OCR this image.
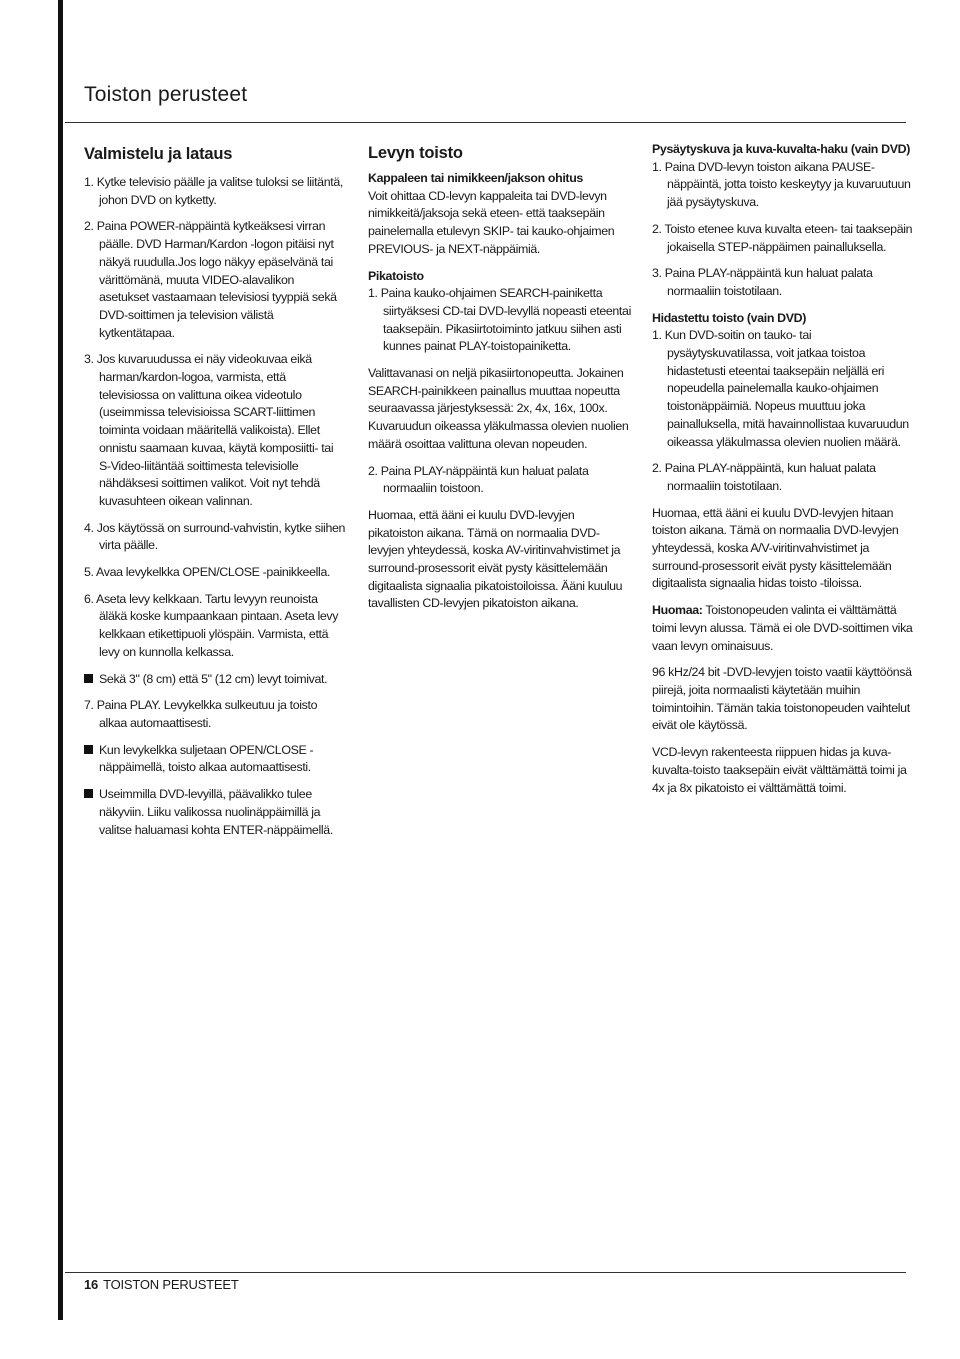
Toiston perusteet
Valmistelu ja lataus
1. Kytke televisio päälle ja valitse tuloksi se liitäntä, johon DVD on kytketty.
2. Paina POWER-näppäintä kytkeäksesi virran päälle. DVD Harman/Kardon -logon pitäisi nyt näkyä ruudulla.Jos logo näkyy epäselvänä tai värittömänä, muuta VIDEO-alavalikon asetukset vastaamaan televisiosi tyyppiä sekä DVD-soittimen ja television välistä kytkentätapaa.
3. Jos kuvaruudussa ei näy videokuvaa eikä harman/kardon-logoa, varmista, että televisiossa on valittuna oikea videotulo (useimmissa televisioissa SCART-liittimen toiminta voidaan määritellä valikoista). Ellet onnistu saamaan kuvaa, käytä komposiitti- tai S-Video-liitäntää soittimesta televisiolle nähdäksesi soittimen valikot. Voit nyt tehdä kuvasuhteen oikean valinnan.
4. Jos käytössä on surround-vahvistin, kytke siihen virta päälle.
5. Avaa levykelkka OPEN/CLOSE -painikkeella.
6. Aseta levy kelkkaan. Tartu levyyn reunoista äläkä koske kumpaankaan pintaan. Aseta levy kelkkaan etikettipuoli ylöspäin. Varmista, että levy on kunnolla kelkassa.
Sekä 3" (8 cm) että 5" (12 cm) levyt toimivat.
7. Paina PLAY. Levykelkka sulkeutuu ja toisto alkaa automaattisesti.
Kun levykelkka suljetaan OPEN/CLOSE -näppäimellä, toisto alkaa automaattisesti.
Useimmilla DVD-levyillä, päävalikko tulee näkyviin. Liiku valikossa nuolinäppäimillä ja valitse haluamasi kohta ENTER-näppäimellä.
Levyn toisto
Kappaleen tai nimikkeen/jakson ohitus

Voit ohittaa CD-levyn kappaleita tai DVD-levyn nimikkeitä/jaksoja sekä eteen- että taaksepäin painelemalla etulevyn SKIP- tai kauko-ohjaimen PREVIOUS- ja NEXT-näppäimiä.

Pikatoisto
1. Paina kauko-ohjaimen SEARCH-painiketta siirtyäksesi CD-tai DVD-levyllä nopeasti eteentai taaksepäin. Pikasiirtotoiminto jatkuu siihen asti kunnes painat PLAY-toistopainiketta.

Valittavanasi on neljä pikasiirtonopeutta. Jokainen SEARCH-painikkeen painallus muuttaa nopeutta seuraavassa järjestyksessä: 2x, 4x, 16x, 100x. Kuvaruudun oikeassa yläkulmassa olevien nuolien määrä osoittaa valittuna olevan nopeuden.

2. Paina PLAY-näppäintä kun haluat palata normaaliin toistoon.

Huomaa, että ääni ei kuulu DVD-levyjen pikatoiston aikana. Tämä on normaalia DVD-levyjen yhteydessä, koska AV-viritinvahvistimet ja surround-prosessorit eivät pysty käsittelemään digitaalista signaalia pikatoistoiloissa. Ääni kuuluu tavallisten CD-levyjen pikatoiston aikana.

Pysäytyskuva ja kuva-kuvalta-haku (vain DVD)
1. Paina DVD-levyn toiston aikana PAUSE-näppäintä, jotta toisto keskeytyy ja kuvaruutuun jää pysäytyskuva.
2. Toisto etenee kuva kuvalta eteen- tai taaksepäin jokaisella STEP-näppäimen painalluksella.
3. Paina PLAY-näppäintä kun haluat palata normaaliin toistotilaan.
Hidastettu toisto (vain DVD)
1. Kun DVD-soitin on tauko- tai pysäytyskuvatilassa, voit jatkaa toistoa hidastetusti eteentai taaksepäin neljällä eri nopeudella painelemalla kauko-ohjaimen toistonäppäimiä. Nopeus muuttuu joka painalluksella, mitä havainnollistaa kuvaruudun oikeassa yläkulmassa olevien nuolien määrä.
2. Paina PLAY-näppäintä, kun haluat palata normaaliin toistotilaan.

Huomaa, että ääni ei kuulu DVD-levyjen hitaan toiston aikana. Tämä on normaalia DVD-levyjen yhteydessä, koska A/V-viritinvahvistimet ja surround-prosessorit eivät pysty käsittelemään digitaalista signaalia hidas toisto -tiloissa.

Huomaa: Toistonopeuden valinta ei välttämättä toimi levyn alussa. Tämä ei ole DVD-soittimen vika vaan levyn ominaisuus.

96 kHz/24 bit -DVD-levyjen toisto vaatii käyttöönsä piirejä, joita normaalisti käytetään muihin toimintoihin. Tämän takia toistonopeuden vaihtelut eivät ole käytössä.

VCD-levyn rakenteesta riippuen hidas ja kuva- kuvalta-toisto taaksepäin eivät välttämättä toimi ja 4x ja 8x pikatoisto ei välttämättä toimi.

16 TOISTON PERUSTEET
